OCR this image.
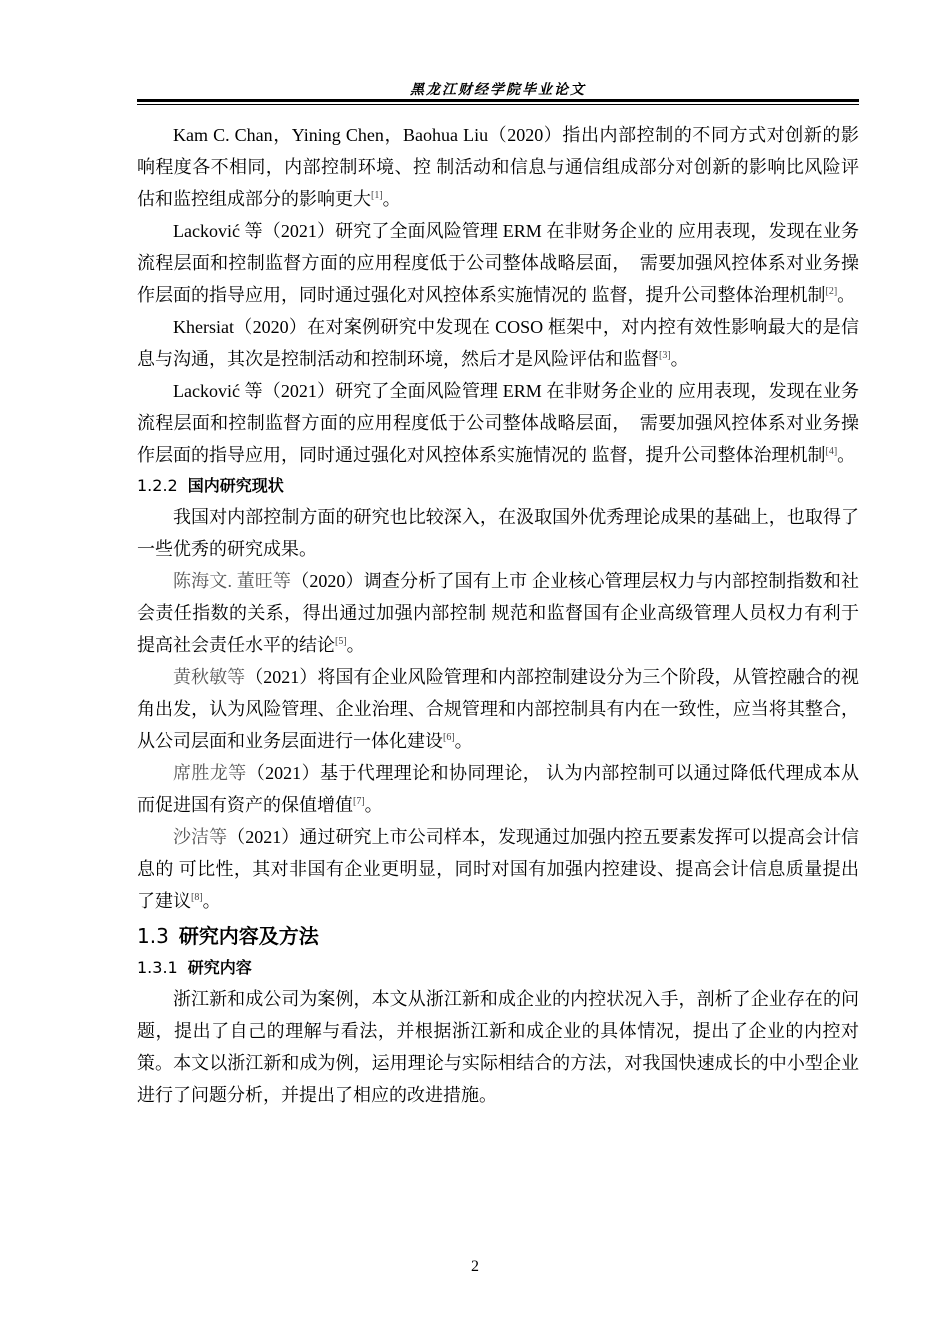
黑龙江财经学院毕业论文

Kam C. Chan，Yining Chen，Baohua Liu（2020）指出内部控制的不同方式对创新的影响程度各不相同，内部控制环境、控 制活动和信息与通信组成部分对创新的影响比风险评估和监控组成部分的影响更大[1]。

Lacković 等（2021）研究了全面风险管理 ERM 在非财务企业的 应用表现，发现在业务流程层面和控制监督方面的应用程度低于公司整体战略层面，　需要加强风控体系对业务操作层面的指导应用，同时通过强化对风控体系实施情况的 监督，提升公司整体治理机制[2]。

Khersiat（2020）在对案例研究中发现在 COSO 框架中，对内控有效性影响最大的是信息与沟通，其次是控制活动和控制环境，然后才是风险评估和监督[3]。

Lacković 等（2021）研究了全面风险管理 ERM 在非财务企业的 应用表现，发现在业务流程层面和控制监督方面的应用程度低于公司整体战略层面，　需要加强风控体系对业务操作层面的指导应用，同时通过强化对风控体系实施情况的 监督，提升公司整体治理机制[4]。

1.2.2 国内研究现状

我国对内部控制方面的研究也比较深入，在汲取国外优秀理论成果的基础上，也取得了一些优秀的研究成果。

陈海文. 董旺等（2020）调查分析了国有上市 企业核心管理层权力与内部控制指数和社会责任指数的关系，得出通过加强内部控制 规范和监督国有企业高级管理人员权力有利于提高社会责任水平的结论[5]。

黄秋敏等（2021）将国有企业风险管理和内部控制建设分为三个阶段，从管控融合的视角出发，认为风险管理、企业治理、合规管理和内部控制具有内在一致性，应当将其整合，从公司层面和业务层面进行一体化建设[6]。

席胜龙等（2021）基于代理理论和协同理论， 认为内部控制可以通过降低代理成本从而促进国有资产的保值增值[7]。

沙洁等（2021）通过研究上市公司样本，发现通过加强内控五要素发挥可以提高会计信息的 可比性，其对非国有企业更明显，同时对国有加强内控建设、提高会计信息质量提出了建议[8]。

1.3 研究内容及方法
1.3.1 研究内容

浙江新和成公司为案例，本文从浙江新和成企业的内控状况入手，剖析了企业存在的问题，提出了自己的理解与看法，并根据浙江新和成企业的具体情况，提出了企业的内控对策。本文以浙江新和成为例，运用理论与实际相结合的方法，对我国快速成长的中小型企业进行了问题分析，并提出了相应的改进措施。

2
